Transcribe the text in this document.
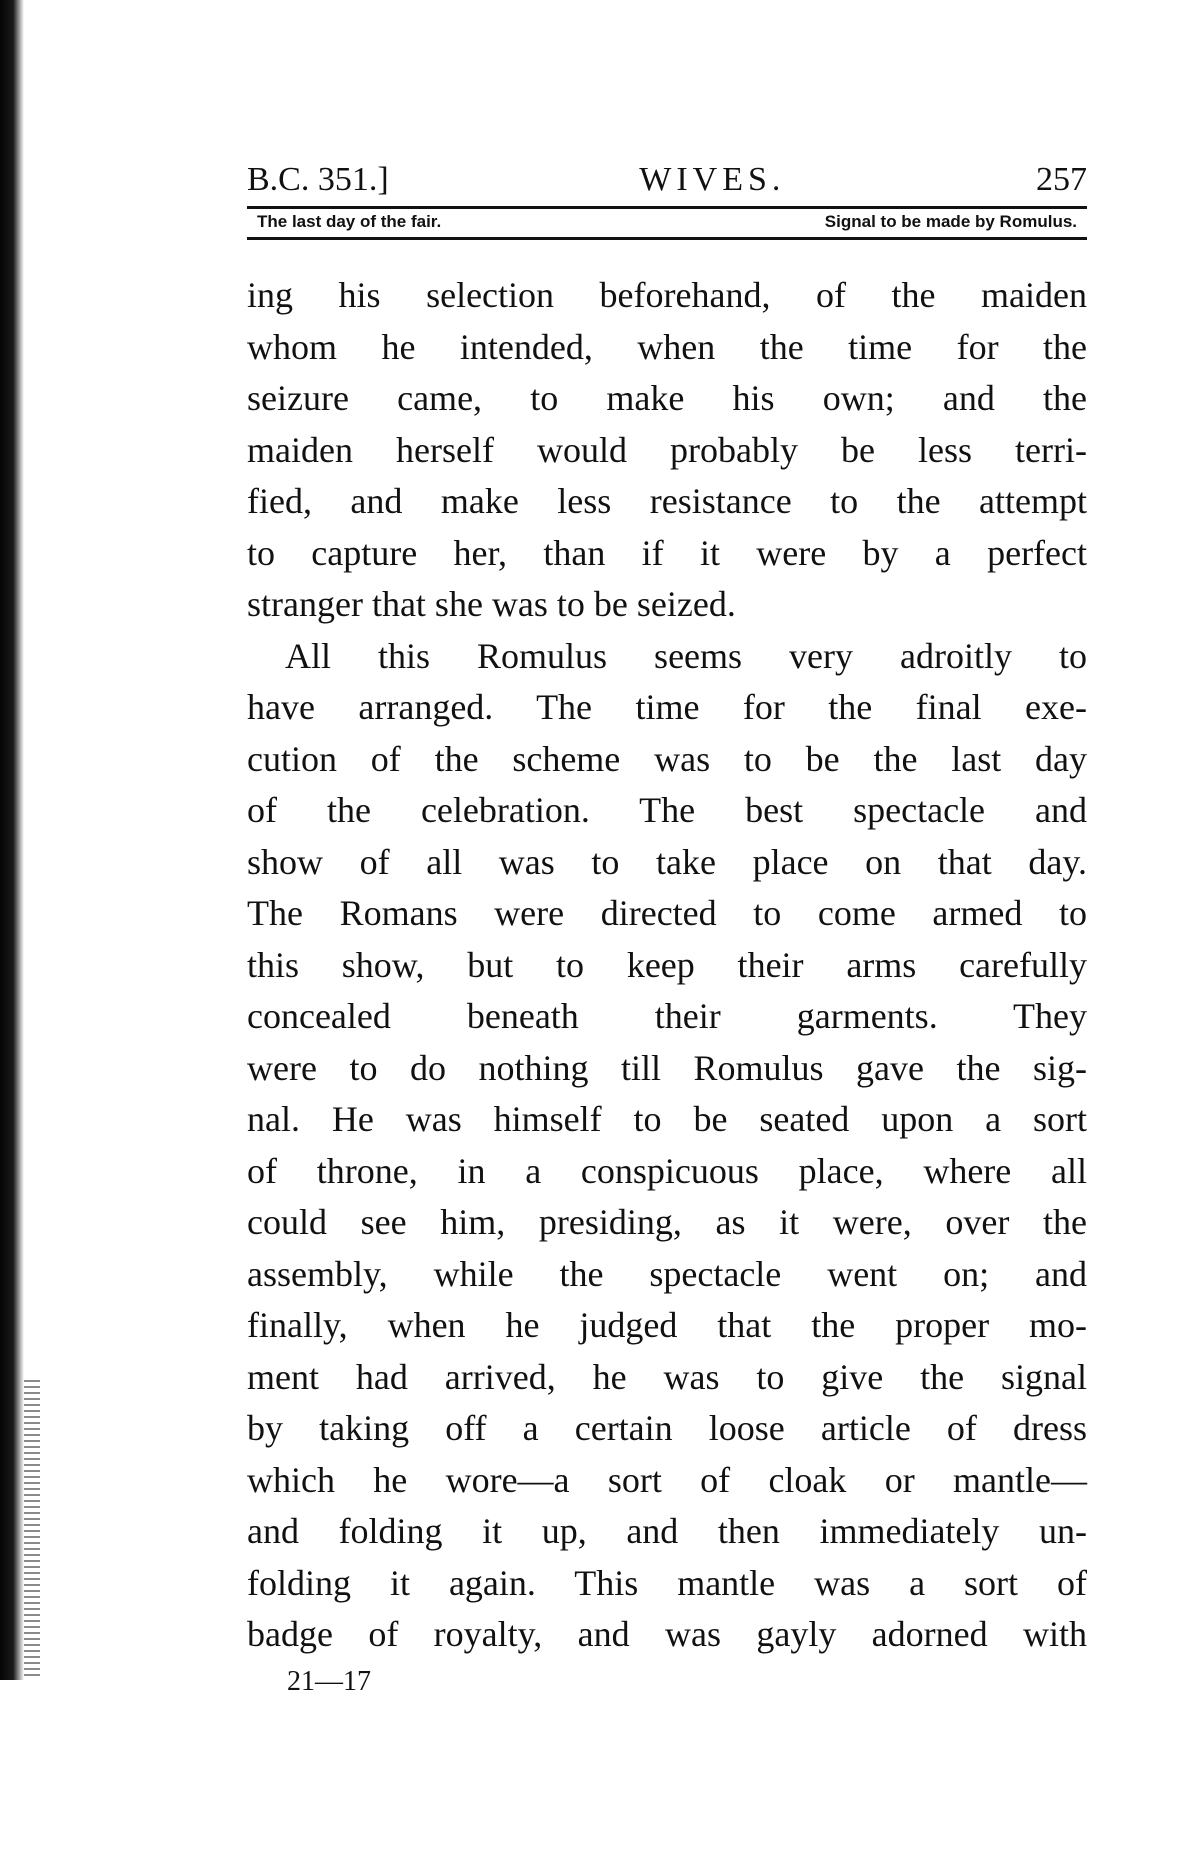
B.C. 351.]	WIVES.	257
The last day of the fair.	Signal to be made by Romulus.
ing his selection beforehand, of the maiden
whom he intended, when the time for the
seizure came, to make his own; and the
maiden herself would probably be less terri-
fied, and make less resistance to the attempt
to capture her, than if it were by a perfect
stranger that she was to be seized.
All this Romulus seems very adroitly to
have arranged. The time for the final exe-
cution of the scheme was to be the last day
of the celebration. The best spectacle and
show of all was to take place on that day.
The Romans were directed to come armed to
this show, but to keep their arms carefully
concealed beneath their garments. They
were to do nothing till Romulus gave the sig-
nal. He was himself to be seated upon a sort
of throne, in a conspicuous place, where all
could see him, presiding, as it were, over the
assembly, while the spectacle went on; and
finally, when he judged that the proper mo-
ment had arrived, he was to give the signal
by taking off a certain loose article of dress
which he wore—a sort of cloak or mantle—
and folding it up, and then immediately un-
folding it again. This mantle was a sort of
badge of royalty, and was gayly adorned with
21—17
